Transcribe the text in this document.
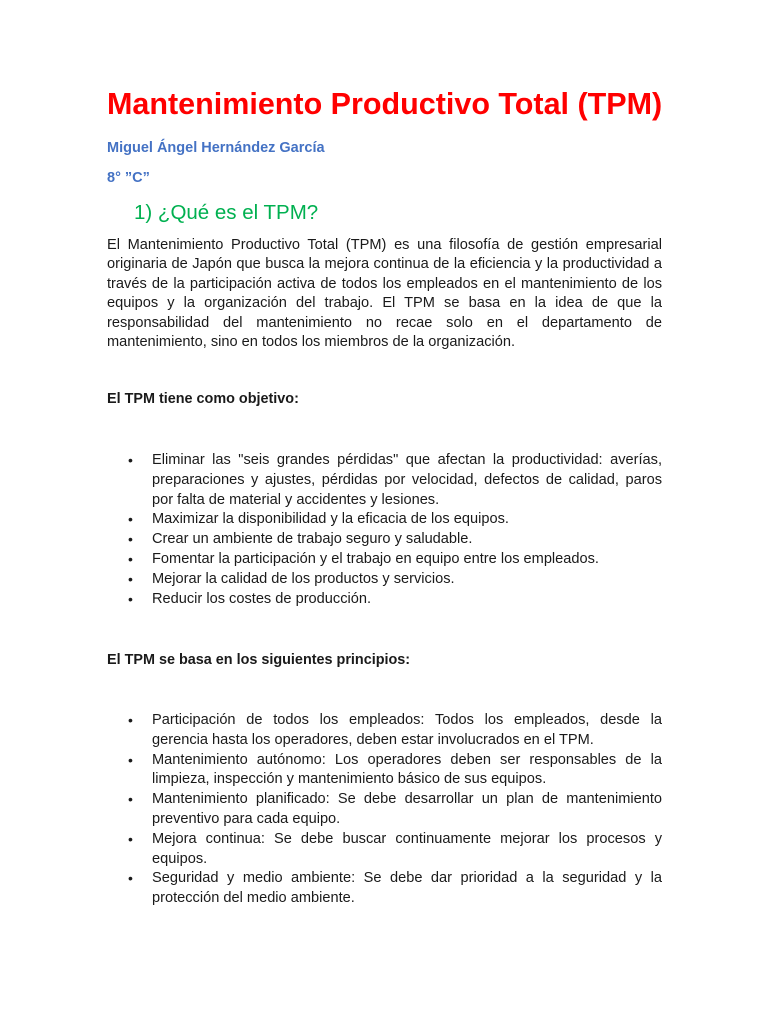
Mantenimiento Productivo Total (TPM)

Miguel Ángel Hernández García

8° ”C”

1) ¿Qué es el TPM?

El Mantenimiento Productivo Total (TPM) es una filosofía de gestión empresarial originaria de Japón que busca la mejora continua de la eficiencia y la productividad a través de la participación activa de todos los empleados en el mantenimiento de los equipos y la organización del trabajo. El TPM se basa en la idea de que la responsabilidad del mantenimiento no recae solo en el departamento de mantenimiento, sino en todos los miembros de la organización.

El TPM tiene como objetivo:

• Eliminar las "seis grandes pérdidas" que afectan la productividad: averías, preparaciones y ajustes, pérdidas por velocidad, defectos de calidad, paros por falta de material y accidentes y lesiones.
• Maximizar la disponibilidad y la eficacia de los equipos.
• Crear un ambiente de trabajo seguro y saludable.
• Fomentar la participación y el trabajo en equipo entre los empleados.
• Mejorar la calidad de los productos y servicios.
• Reducir los costes de producción.

El TPM se basa en los siguientes principios:

• Participación de todos los empleados: Todos los empleados, desde la gerencia hasta los operadores, deben estar involucrados en el TPM.
• Mantenimiento autónomo: Los operadores deben ser responsables de la limpieza, inspección y mantenimiento básico de sus equipos.
• Mantenimiento planificado: Se debe desarrollar un plan de mantenimiento preventivo para cada equipo.
• Mejora continua: Se debe buscar continuamente mejorar los procesos y equipos.
• Seguridad y medio ambiente: Se debe dar prioridad a la seguridad y la protección del medio ambiente.
